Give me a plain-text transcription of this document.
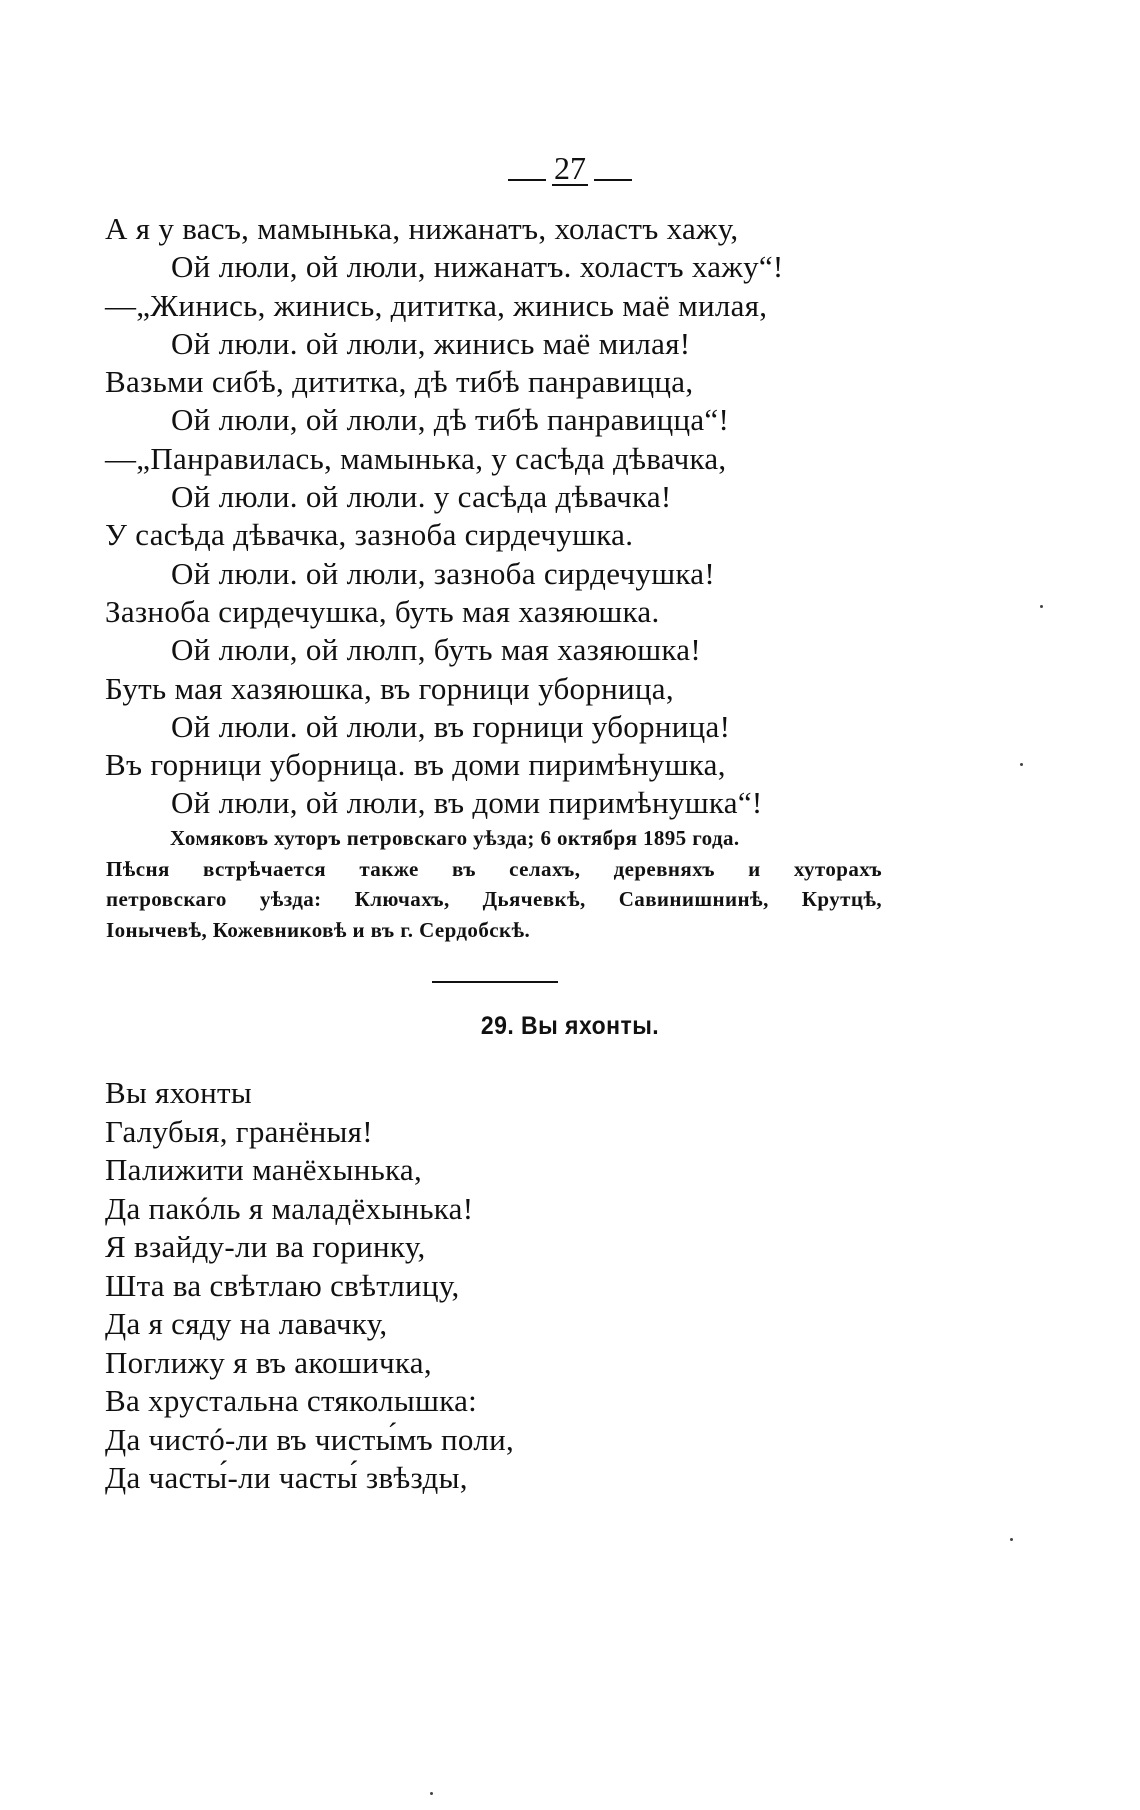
27
А я у васъ, мамынька, нижанатъ, холастъ хажу,
Ой люли, ой люли, нижанатъ. холастъ хажу“!
—„Жинись, жинись, дититка, жинись маё милая,
Ой люли. ой люли, жинись маё милая!
Вазьми сибѣ, дититка, дѣ тибѣ панравицца,
Ой люли, ой люли, дѣ тибѣ панравицца“!
—„Панравилась, мамынька, у сасѣда дѣвачка,
Ой люли. ой люли. у сасѣда дѣвачка!
У сасѣда дѣвачка, зазноба сирдечушка.
Ой люли. ой люли, зазноба сирдечушка!
Зазноба сирдечушка, буть мая хазяюшка.
Ой люли, ой люлп, буть мая хазяюшка!
Буть мая хазяюшка, въ горници уборница,
Ой люли. ой люли, въ горници уборница!
Въ горници уборница. въ доми пиримѣнушка,
Ой люли, ой люли, въ доми пиримѣнушка“!
Хомяковъ хуторъ петровскаго уѣзда; 6 октября 1895 года.
Пѣсня встрѣчается также въ селахъ, деревняхъ и хуторахъ
петровскаго уѣзда: Ключахъ, Дьячевкѣ, Савинишнинѣ, Крутцѣ,
Іонычевѣ, Кожевниковѣ и въ г. Сердобскѣ.
29. Вы яхонты.
Вы яхонты
Галубыя, гранёныя!
Палижити манёхынька,
Да пакóль я маладёхынька!
Я взайду-ли ва горинку,
Шта ва свѣтлаю свѣтлицу,
Да я сяду на лавачку,
Поглижу я въ акошичка,
Ва хрустальна стяколышка:
Да чистó-ли въ чисты́мъ поли,
Да часты́-ли часты́ звѣзды,
